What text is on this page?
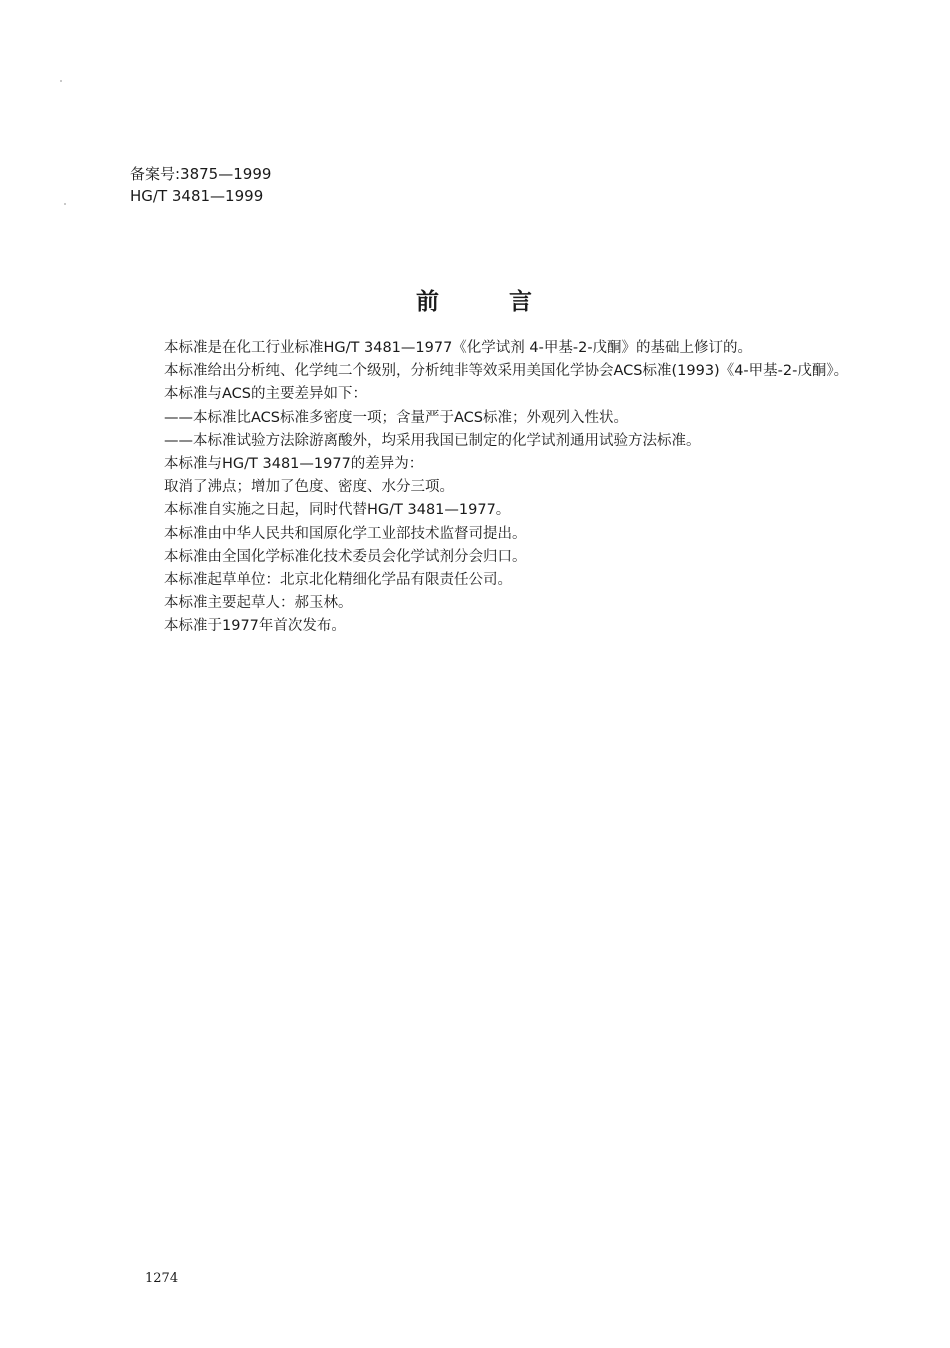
备案号:3875—1999
HG/T 3481—1999
前	言

本标准是在化工行业标准HG/T 3481—1977《化学试剂 4-甲基-2-戊酮》的基础上修订的。

本标准给出分析纯、化学纯二个级别，分析纯非等效采用美国化学协会ACS标准(1993)《4-甲基-2-戊酮》。

本标准与ACS的主要差异如下：

——本标准比ACS标准多密度一项；含量严于ACS标准；外观列入性状。

——本标准试验方法除游离酸外，均采用我国已制定的化学试剂通用试验方法标准。

本标准与HG/T 3481—1977的差异为：

取消了沸点；增加了色度、密度、水分三项。

本标准自实施之日起，同时代替HG/T 3481—1977。

本标准由中华人民共和国原化学工业部技术监督司提出。

本标准由全国化学标准化技术委员会化学试剂分会归口。

本标准起草单位：北京北化精细化学品有限责任公司。

本标准主要起草人：郝玉林。

本标准于1977年首次发布。

1274
